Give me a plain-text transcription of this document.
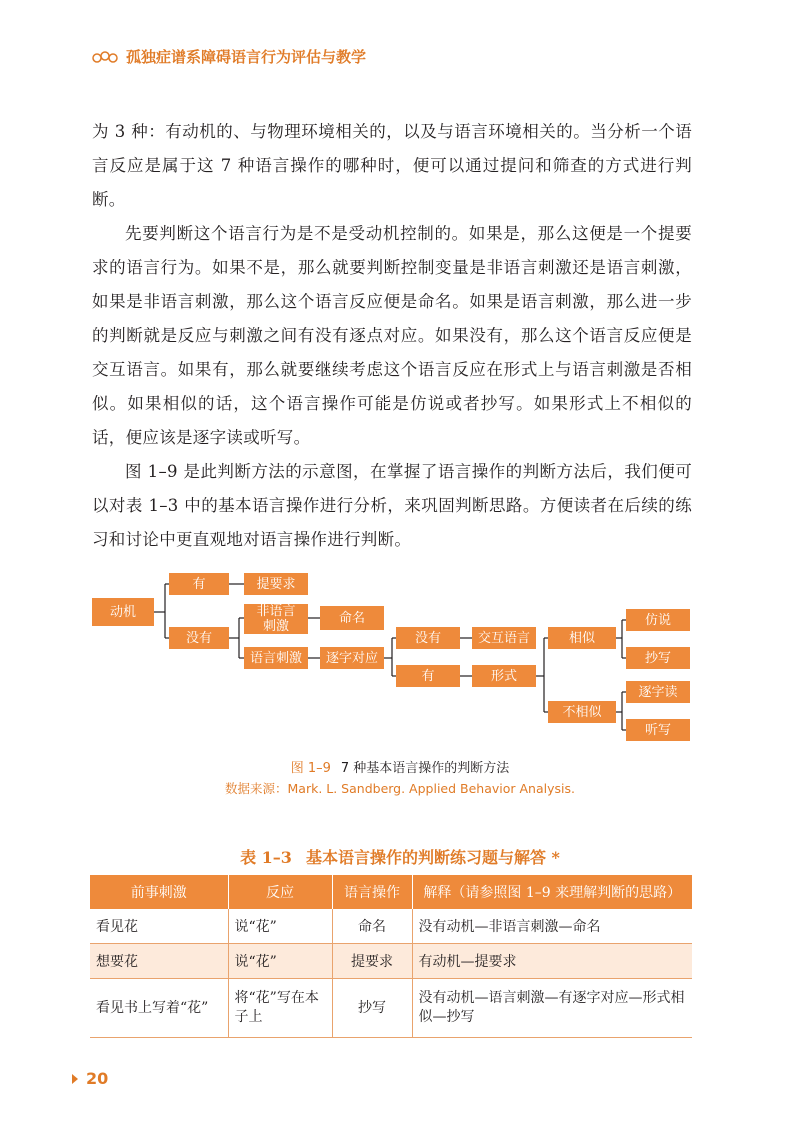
孤独症谱系障碍语言行为评估与教学

为 3 种：有动机的、与物理环境相关的，以及与语言环境相关的。当分析一个语言反应是属于这 7 种语言操作的哪种时，便可以通过提问和筛查的方式进行判断。

先要判断这个语言行为是不是受动机控制的。如果是，那么这便是一个提要求的语言行为。如果不是，那么就要判断控制变量是非语言刺激还是语言刺激，如果是非语言刺激，那么这个语言反应便是命名。如果是语言刺激，那么进一步的判断就是反应与刺激之间有没有逐点对应。如果没有，那么这个语言反应便是交互语言。如果有，那么就要继续考虑这个语言反应在形式上与语言刺激是否相似。如果相似的话，这个语言操作可能是仿说或者抄写。如果形式上不相似的话，便应该是逐字读或听写。

图 1–9 是此判断方法的示意图，在掌握了语言操作的判断方法后，我们便可以对表 1–3 中的基本语言操作进行分析，来巩固判断思路。方便读者在后续的练习和讨论中更直观地对语言操作进行判断。

动机
有	提要求
没有
非语言刺激
命名
语言刺激	逐字对应
没有	交互语言
有	形式
相似
仿说
抄写
不相似
逐字读
听写
图 1–9 7 种基本语言操作的判断方法
数据来源：Mark. L. Sandberg. Applied Behavior Analysis.
表 1–3 基本语言操作的判断练习题与解答 *
前事刺激	反应	语言操作	解释（请参照图 1–9 来理解判断的思路）
看见花	说“花”	命名	没有动机—非语言刺激—命名
想要花	说“花”	提要求	有动机—提要求
看见书上写着“花”	将“花”写在本子上	抄写	没有动机—语言刺激—有逐字对应—形式相似—抄写
20
